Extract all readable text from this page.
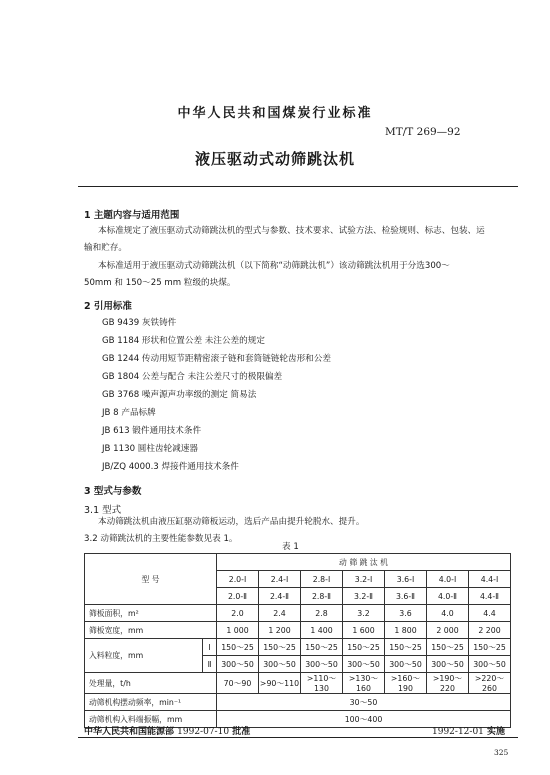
中华人民共和国煤炭行业标准
MT/T 269—92
液压驱动式动筛跳汰机
1 主题内容与适用范围
本标准规定了液压驱动式动筛跳汰机的型式与参数、技术要求、试验方法、检验规则、标志、包装、运
输和贮存。
本标准适用于液压驱动式动筛跳汰机（以下简称“动筛跳汰机”）该动筛跳汰机用于分选300～
50mm 和 150～25 mm 粒级的块煤。
2 引用标准
GB 9439 灰铁铸件
GB 1184 形状和位置公差 未注公差的规定
GB 1244 传动用短节距精密滚子链和套筒链链轮齿形和公差
GB 1804 公差与配合 未注公差尺寸的极限偏差
GB 3768 噪声源声功率级的测定 简易法
JB 8 产品标牌
JB 613 锻件通用技术条件
JB 1130 圆柱齿轮减速器
JB/ZQ 4000.3 焊接件通用技术条件
3 型式与参数
3.1 型式
本动筛跳汰机由液压缸驱动筛板运动，选后产品由提升轮脱水、提升。
3.2 动筛跳汰机的主要性能参数见表 1。
型 号		动 筛 跳 汰 机						
		2.0-Ⅰ	2.4-Ⅰ	2.8-Ⅰ	3.2-Ⅰ	3.6-Ⅰ	4.0-Ⅰ	4.4-Ⅰ
		2.0-Ⅱ	2.4-Ⅱ	2.8-Ⅱ	3.2-Ⅱ	3.6-Ⅱ	4.0-Ⅱ	4.4-Ⅱ
筛板面积，m²		2.0	2.4	2.8	3.2	3.6	4.0	4.4
筛板宽度，mm		1 000	1 200	1 400	1 600	1 800	2 000	2 200
入料粒度，mm	Ⅰ	150～25	150～25	150～25	150～25	150～25	150～25	150～25
	Ⅱ	300～50	300～50	300～50	300～50	300～50	300～50	300～50
处理量，t/h		70～90	>90～110	>110～130	>130～160	>160～190	>190～220	>220～260
动筛机构摆动频率，min⁻¹		30～50						
动筛机构入料端振幅，mm		100～400						
表 1
中华人民共和国能源部 1992-07-10 批准	1992-12-01 实施
325
